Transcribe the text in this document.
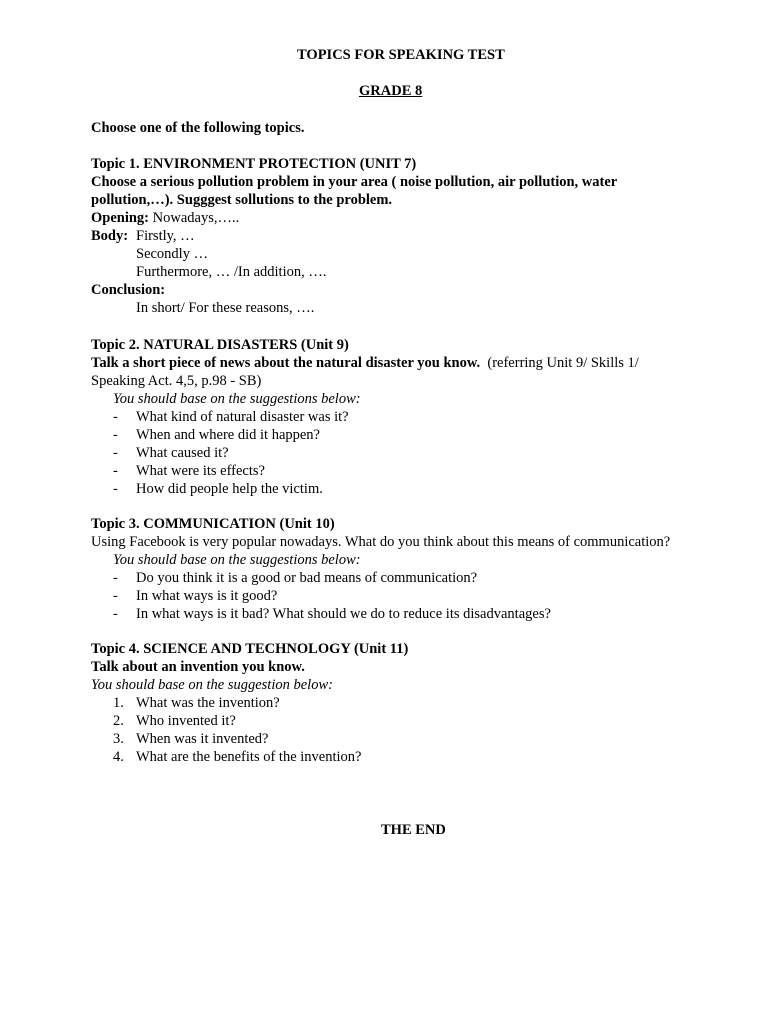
TOPICS FOR SPEAKING TEST
GRADE 8
Choose one of the following topics.
Topic 1. ENVIRONMENT PROTECTION (UNIT 7)
Choose a serious pollution problem in your area ( noise pollution, air pollution, water pollution,…). Sugggest sollutions to the problem.
Opening: Nowadays,…..
Body: Firstly, …
Secondly …
Furthermore, … /In addition, ….
Conclusion:
In short/ For these reasons, ….
Topic 2. NATURAL DISASTERS (Unit 9)
Talk a short piece of news about the natural disaster you know.  (referring Unit 9/ Skills 1/ Speaking Act. 4,5, p.98 - SB)
You should base on the suggestions below:
-	What kind of natural disaster was it?
-	When and where did it happen?
-	What caused it?
-	What were its effects?
-	How did people help the victim.
Topic 3. COMMUNICATION (Unit 10)
Using Facebook is very popular nowadays. What do you think about this means of communication?
You should base on the suggestions below:
-	Do you think it is a good or bad means of communication?
-	In what ways is it good?
-	In what ways is it bad? What should we do to reduce its disadvantages?
Topic 4. SCIENCE AND TECHNOLOGY (Unit 11)
Talk about an invention you know.
You should base on the suggestion below:
1. What was the invention?
2. Who invented it?
3. When was it invented?
4. What are the benefits of the invention?
THE END
